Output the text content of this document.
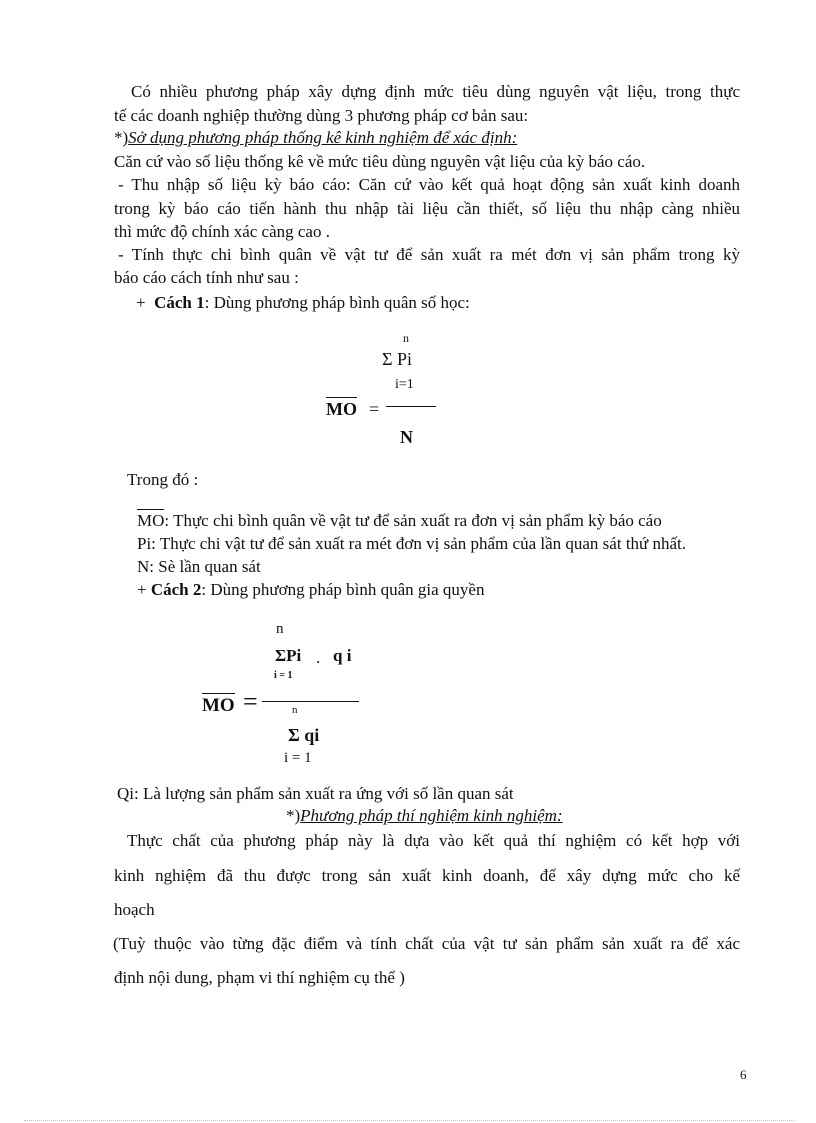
Có nhiều phương pháp xây dựng định mức tiêu dùng nguyên vật liệu, trong thực
tế các doanh nghiệp thường dùng 3 phương pháp cơ bản sau:
*)Sở dụng phương pháp thống kê kinh nghiệm để xác định:
Căn cứ vào số liệu thống kê về mức tiêu dùng nguyên vật liệu của kỳ báo cáo.
- Thu nhập số liệu kỳ báo cáo: Căn cứ vào kết quả hoạt động sản xuất kinh doanh
trong kỳ báo cáo tiến hành thu nhập tài liệu cần thiết, số liệu thu nhập càng nhiều
thì mức độ chính xác càng cao .
- Tính thực chi bình quân về vật tư để sản xuất ra mét đơn vị sản phẩm trong kỳ
báo cáo cách tính như sau :
+ Cách 1: Dùng phương pháp bình quân số học:
n
Σ Pi
i=1
MO =
N
Trong đó :
MO: Thực chi bình quân về vật tư để sản xuất ra đơn vị sản phẩm kỳ báo cáo
Pi: Thực chi vật tư để sản xuất ra mét đơn vị sản phẩm của lần quan sát thứ nhất.
N: Sè lần quan sát
+ Cách 2: Dùng phương pháp bình quân gia quyền
n
ΣPi . q i
i = 1
MO =	n
Σ qi
i = 1
Qi: Là lượng sản phẩm sản xuất ra ứng với số lần quan sát
*)Phương pháp thí nghiệm kinh nghiệm:
Thực chất của phương pháp này là dựa vào kết quả thí nghiệm có kết hợp với
kinh nghiệm đã thu được trong sản xuất kinh doanh, để xây dựng mức cho kế
hoạch
(Tuỳ thuộc vào từng đặc điểm và tính chất của vật tư sản phẩm sản xuất ra để xác
định nội dung, phạm vi thí nghiệm cụ thể )
6
